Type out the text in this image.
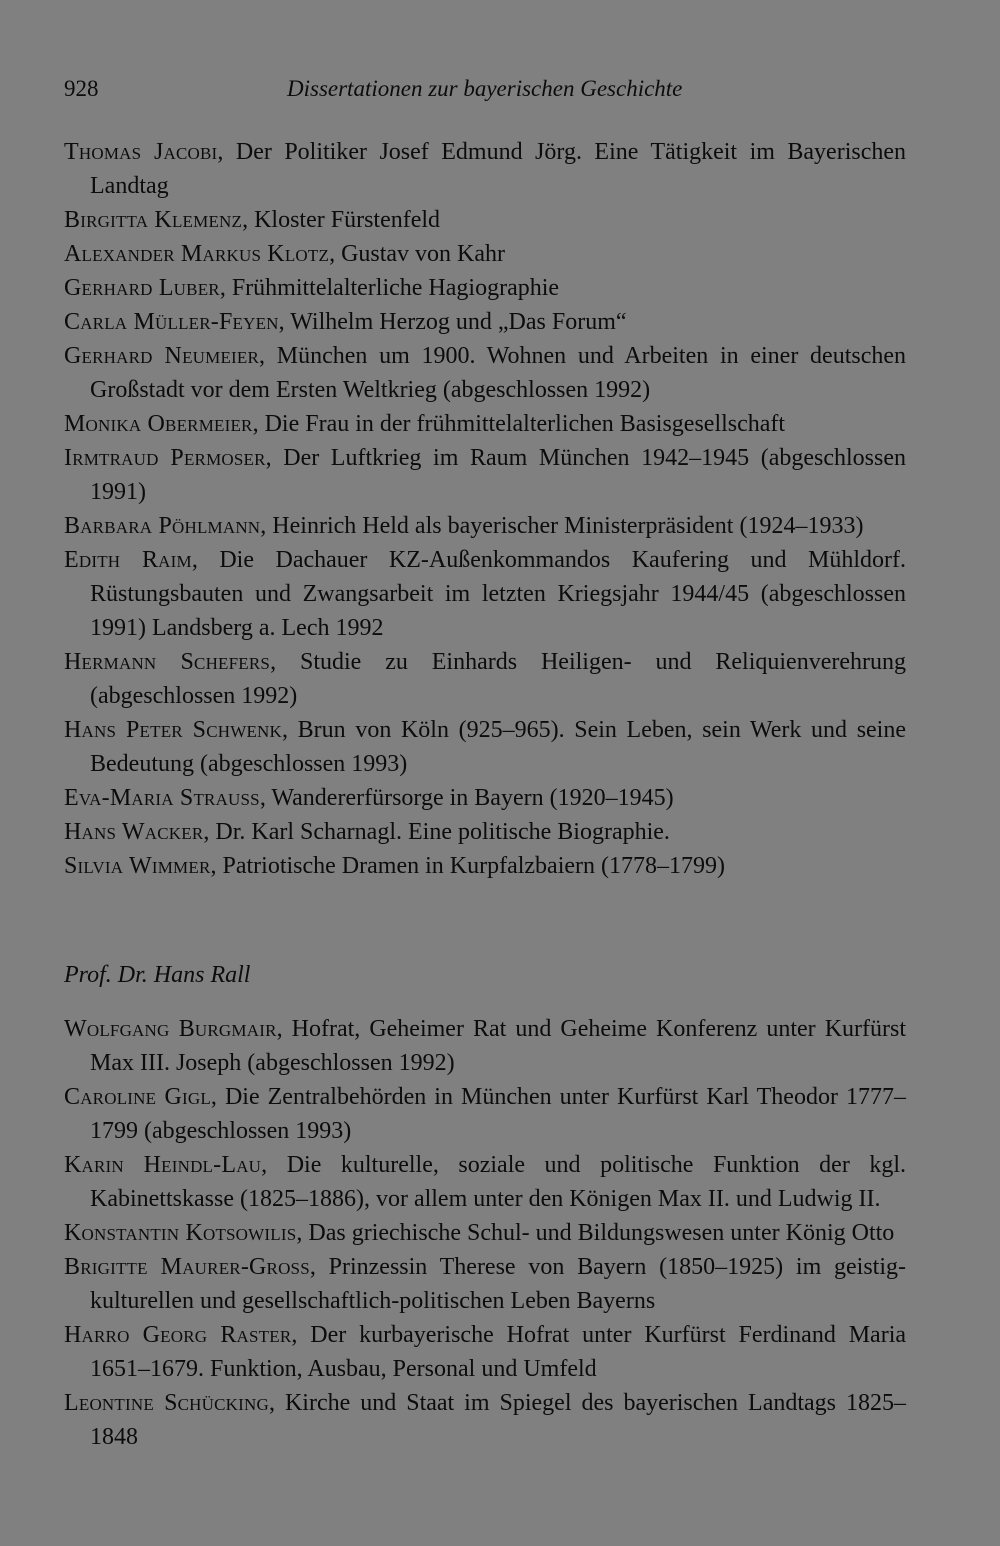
928	Dissertationen zur bayerischen Geschichte
Thomas Jacobi, Der Politiker Josef Edmund Jörg. Eine Tätigkeit im Bayerischen Landtag
Birgitta Klemenz, Kloster Fürstenfeld
Alexander Markus Klotz, Gustav von Kahr
Gerhard Luber, Frühmittelalterliche Hagiographie
Carla Müller-Feyen, Wilhelm Herzog und „Das Forum“
Gerhard Neumeier, München um 1900. Wohnen und Arbeiten in einer deutschen Großstadt vor dem Ersten Weltkrieg (abgeschlossen 1992)
Monika Obermeier, Die Frau in der frühmittelalterlichen Basisgesellschaft
Irmtraud Permoser, Der Luftkrieg im Raum München 1942–1945 (abgeschlossen 1991)
Barbara Pöhlmann, Heinrich Held als bayerischer Ministerpräsident (1924–1933)
Edith Raim, Die Dachauer KZ-Außenkommandos Kaufering und Mühldorf. Rüstungsbauten und Zwangsarbeit im letzten Kriegsjahr 1944/45 (abgeschlossen 1991) Landsberg a. Lech 1992
Hermann Schefers, Studie zu Einhards Heiligen- und Reliquienverehrung (abgeschlossen 1992)
Hans Peter Schwenk, Brun von Köln (925–965). Sein Leben, sein Werk und seine Bedeutung (abgeschlossen 1993)
Eva-Maria Strauss, Wandererfürsorge in Bayern (1920–1945)
Hans Wacker, Dr. Karl Scharnagl. Eine politische Biographie.
Silvia Wimmer, Patriotische Dramen in Kurpfalzbaiern (1778–1799)
Prof. Dr. Hans Rall
Wolfgang Burgmair, Hofrat, Geheimer Rat und Geheime Konferenz unter Kurfürst Max III. Joseph (abgeschlossen 1992)
Caroline Gigl, Die Zentralbehörden in München unter Kurfürst Karl Theodor 1777–1799 (abgeschlossen 1993)
Karin Heindl-Lau, Die kulturelle, soziale und politische Funktion der kgl. Kabinettskasse (1825–1886), vor allem unter den Königen Max II. und Ludwig II.
Konstantin Kotsowilis, Das griechische Schul- und Bildungswesen unter König Otto
Brigitte Maurer-Gross, Prinzessin Therese von Bayern (1850–1925) im geistig-kulturellen und gesellschaftlich-politischen Leben Bayerns
Harro Georg Raster, Der kurbayerische Hofrat unter Kurfürst Ferdinand Maria 1651–1679. Funktion, Ausbau, Personal und Umfeld
Leontine Schücking, Kirche und Staat im Spiegel des bayerischen Landtags 1825–1848
